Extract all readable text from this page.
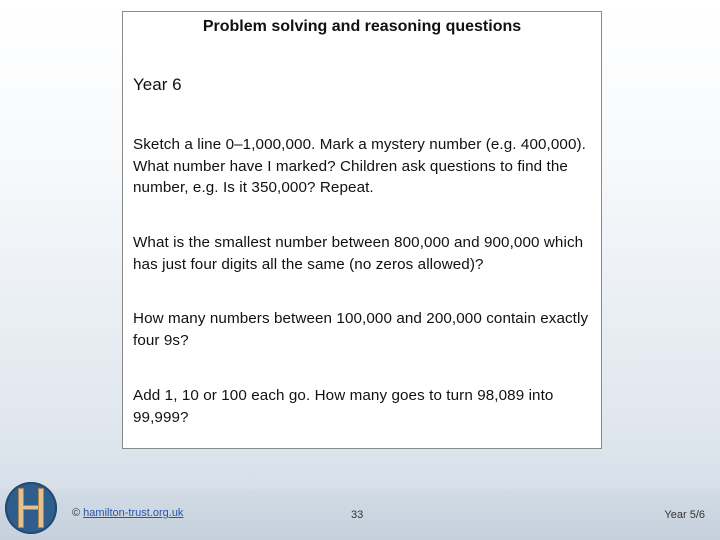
Problem solving and reasoning questions
Year 6
Sketch a line 0–1,000,000. Mark a mystery number (e.g. 400,000). What number have I marked? Children ask questions to find the number, e.g. Is it 350,000? Repeat.
What is the smallest number between 800,000 and 900,000 which has just four digits all the same (no zeros allowed)?
How many numbers between 100,000 and 200,000 contain exactly four 9s?
Add 1, 10 or 100 each go. How many goes to turn 98,089 into 99,999?
© hamilton-trust.org.uk	33	Year 5/6
